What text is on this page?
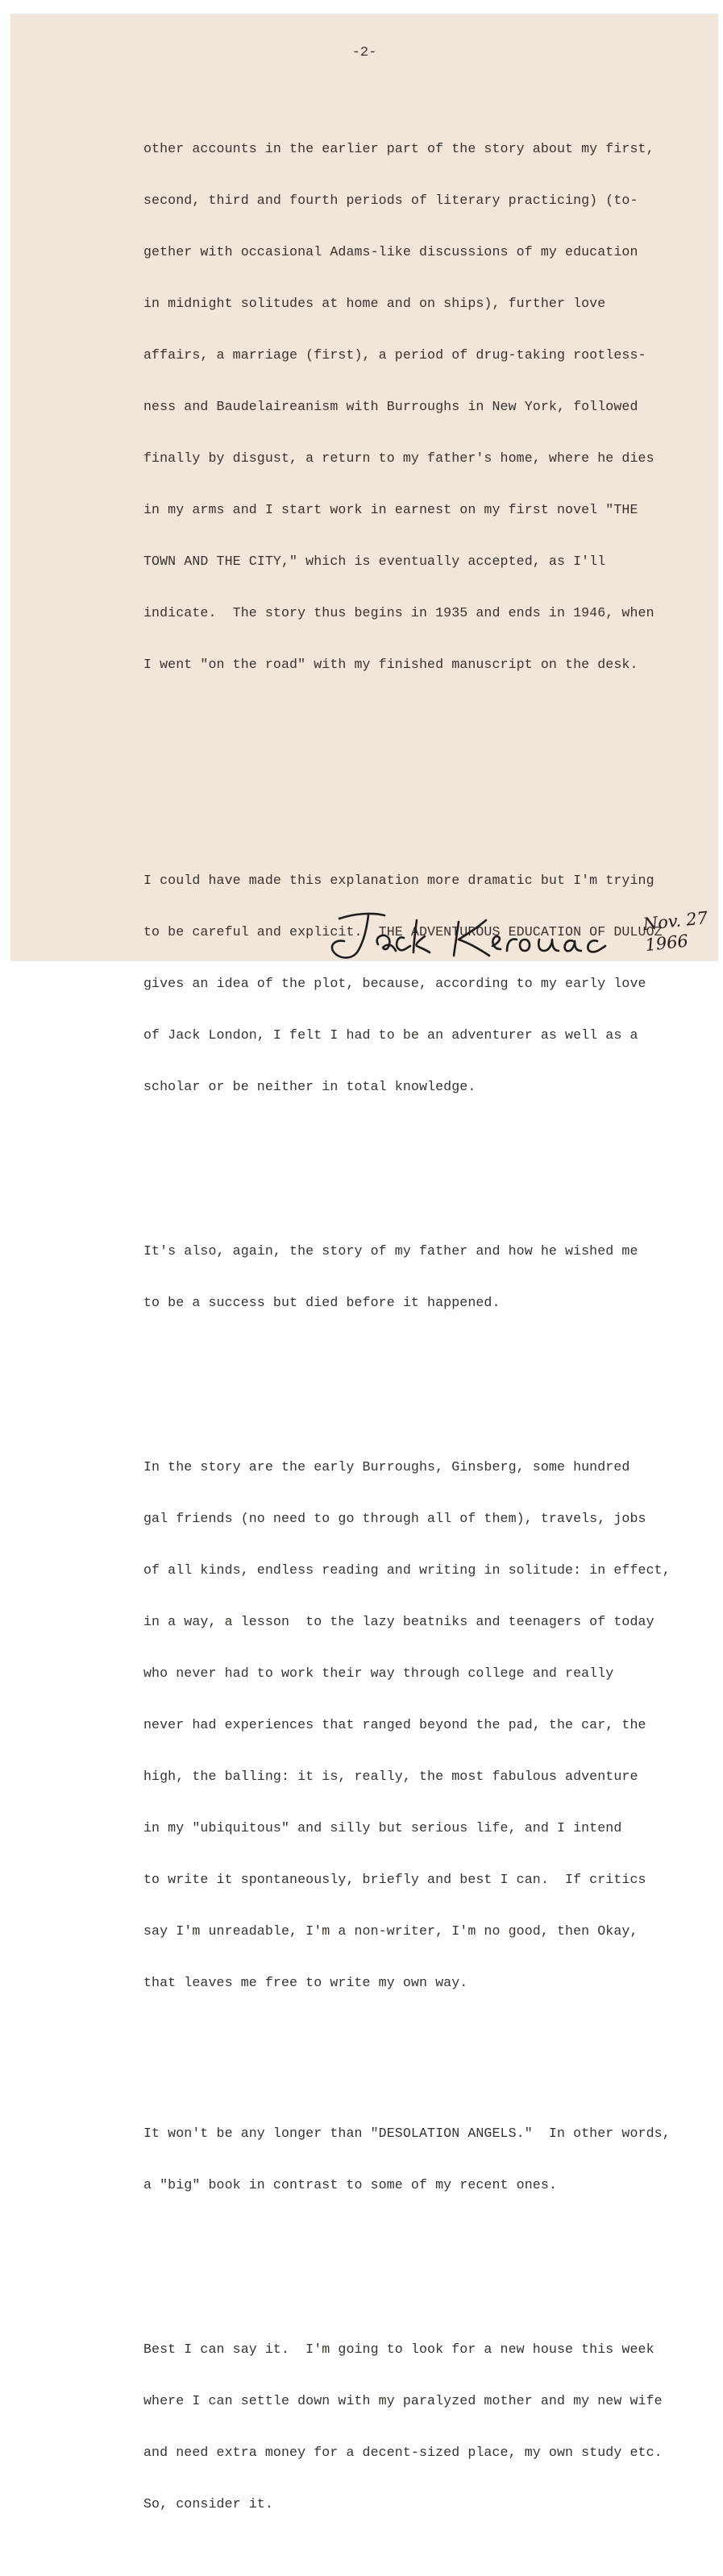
-2-

other accounts in the earlier part of the story about my first,

second, third and fourth periods of literary practicing) (to-

gether with occasional Adams-like discussions of my education

in midnight solitudes at home and on ships), further love

affairs, a marriage (first), a period of drug-taking rootless-

ness and Baudelaireanism with Burroughs in New York, followed

finally by disgust, a return to my father's home, where he dies

in my arms and I start work in earnest on my first novel "THE

TOWN AND THE CITY," which is eventually accepted, as I'll

indicate.  The story thus begins in 1935 and ends in 1946, when

I went "on the road" with my finished manuscript on the desk.

I could have made this explanation more dramatic but I'm trying

to be careful and explicit.  THE ADVENTUROUS EDUCATION OF DULUOZ

gives an idea of the plot, because, according to my early love

of Jack London, I felt I had to be an adventurer as well as a

scholar or be neither in total knowledge.

It's also, again, the story of my father and how he wished me

to be a success but died before it happened.

In the story are the early Burroughs, Ginsberg, some hundred

gal friends (no need to go through all of them), travels, jobs

of all kinds, endless reading and writing in solitude: in effect,

in a way, a lesson  to the lazy beatniks and teenagers of today

who never had to work their way through college and really

never had experiences that ranged beyond the pad, the car, the

high, the balling: it is, really, the most fabulous adventure

in my "ubiquitous" and silly but serious life, and I intend

to write it spontaneously, briefly and best I can.  If critics

say I'm unreadable, I'm a non-writer, I'm no good, then Okay,

that leaves me free to write my own way.

It won't be any longer than "DESOLATION ANGELS."  In other words,

a "big" book in contrast to some of my recent ones.

Best I can say it.  I'm going to look for a new house this week

where I can settle down with my paralyzed mother and my new wife

and need extra money for a decent-sized place, my own study etc.

So, consider it.

Nov. 27
1966
